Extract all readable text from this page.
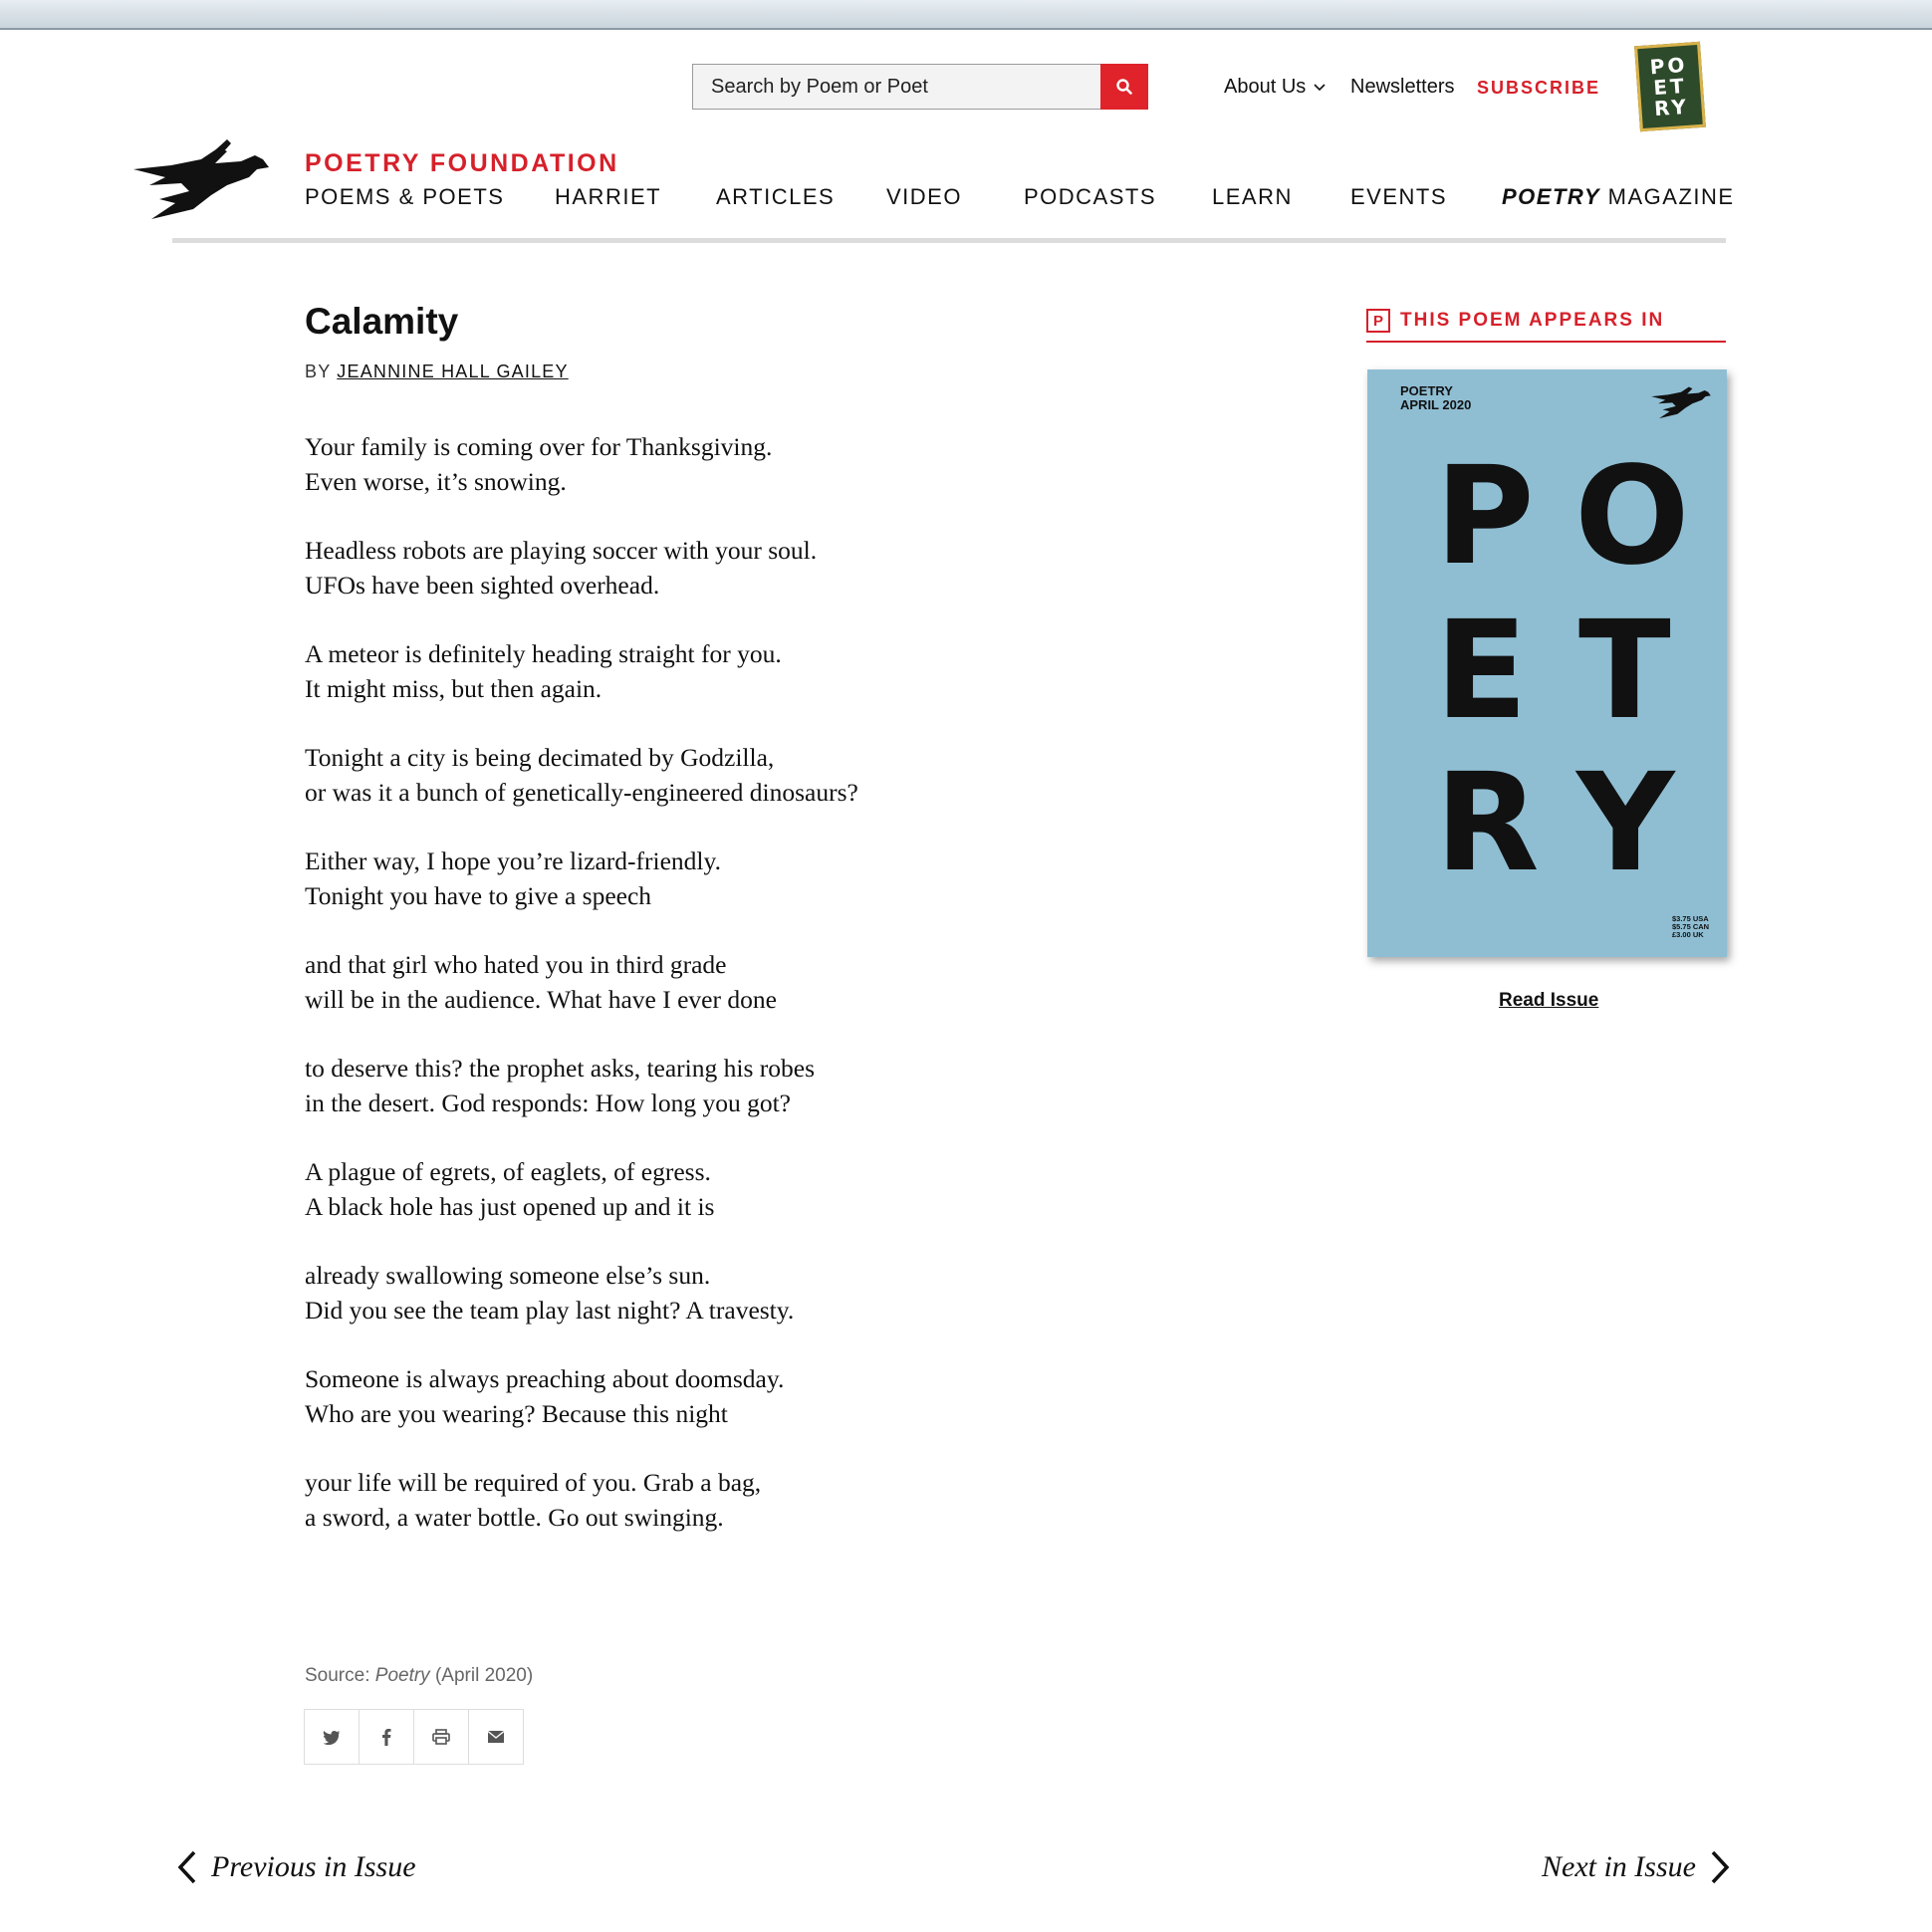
Search by Poem or Poet
About Us Newsletters SUBSCRIBE
PO
ET
RY
POETRY FOUNDATION
POEMS & POETS HARRIET ARTICLES VIDEO	PODCASTS	LEARN	EVENTS POETRY MAGAZINE
Calamity
BY JEANNINE HALL GAILEY
Your family is coming over for Thanksgiving.
Even worse, it’s snowing.
Headless robots are playing soccer with your soul.
UFOs have been sighted overhead.
A meteor is definitely heading straight for you.
It might miss, but then again.
Tonight a city is being decimated by Godzilla,
or was it a bunch of genetically-engineered dinosaurs?
Either way, I hope you’re lizard-friendly.
Tonight you have to give a speech
and that girl who hated you in third grade
will be in the audience. What have I ever done
to deserve this? the prophet asks, tearing his robes
in the desert. God responds: How long you got?
A plague of egrets, of eaglets, of egress.
A black hole has just opened up and it is
already swallowing someone else’s sun.
Did you see the team play last night? A travesty.
Someone is always preaching about doomsday.
Who are you wearing? Because this night
your life will be required of you. Grab a bag,
a sword, a water bottle. Go out swinging.
Source: Poetry (April 2020)
Previous in Issue	Next in Issue
P THIS POEM APPEARS IN
POETRY
APRIL 2020
P O
E T
R Y
$3.75 USA
$5.75 CAN
£3.00 UK
Read Issue
